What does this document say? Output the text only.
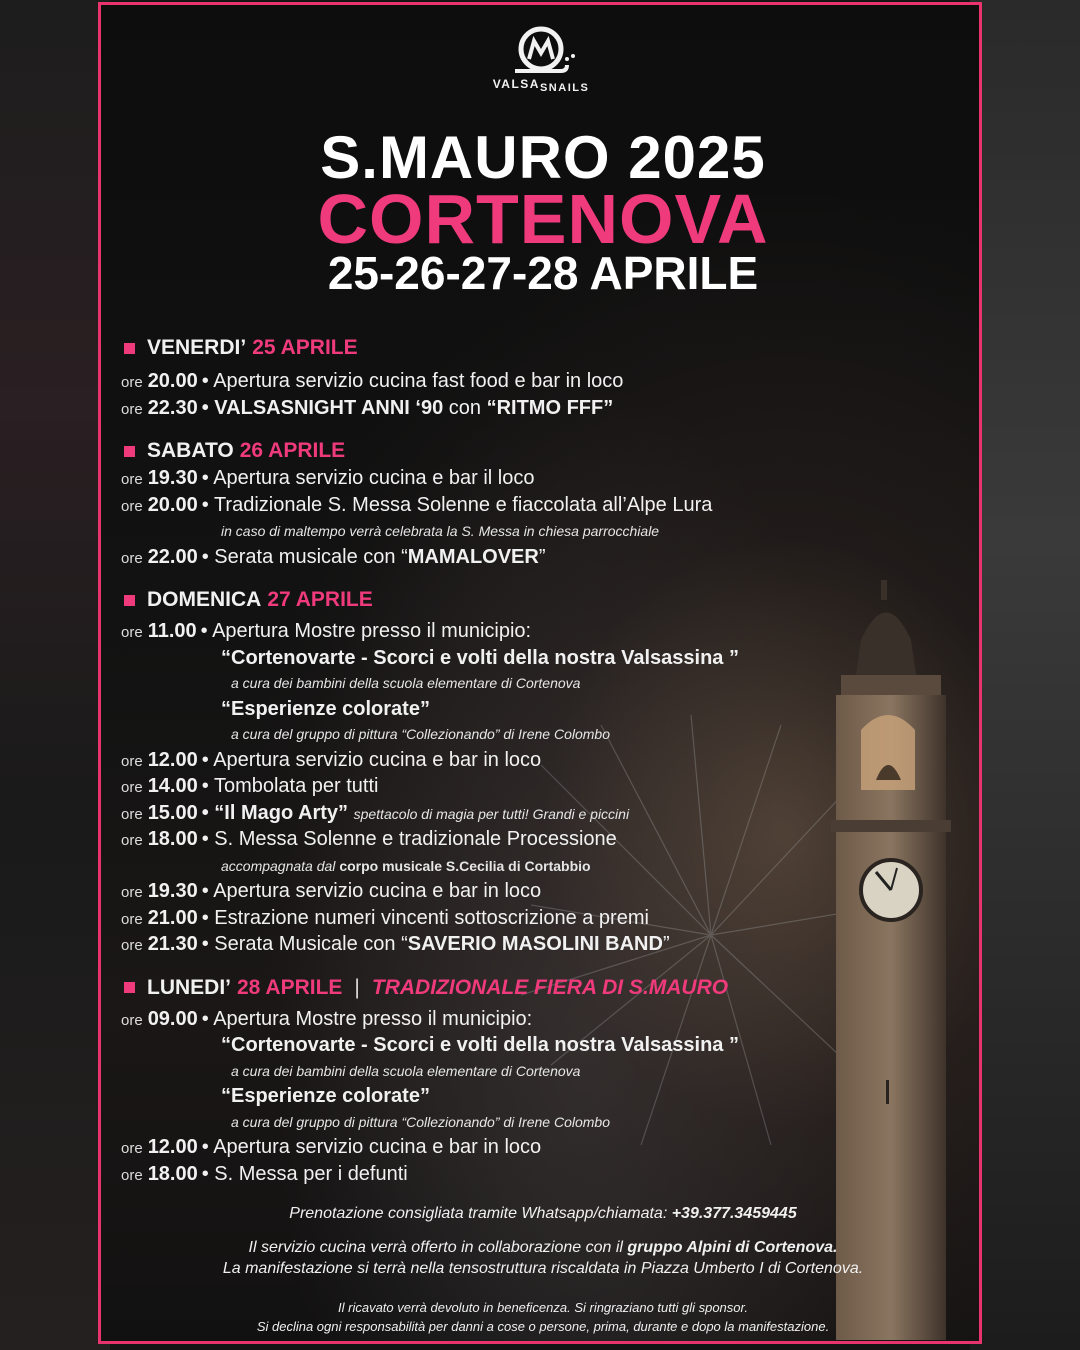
VALSASNAILS
S.MAURO 2025
CORTENOVA
25-26-27-28 APRILE
VENERDI’ 25 APRILE
ore 20.00 • Apertura servizio cucina fast food e bar in loco
ore 22.30 • VALSASNIGHT ANNI ‘90 con “RITMO FFF”
SABATO 26 APRILE
ore 19.30 • Apertura servizio cucina e bar il loco
ore 20.00 • Tradizionale S. Messa Solenne e fiaccolata all’Alpe Lura
in caso di maltempo verrà celebrata la S. Messa in chiesa parrocchiale
ore 22.00 • Serata musicale con “MAMALOVER”
DOMENICA 27 APRILE
ore 11.00 • Apertura Mostre presso il municipio:
“Cortenovarte - Scorci e volti della nostra Valsassina ”
a cura dei bambini della scuola elementare di Cortenova
“Esperienze colorate”
a cura del gruppo di pittura “Collezionando” di Irene Colombo
ore 12.00 • Apertura servizio cucina e bar in loco
ore 14.00 • Tombolata per tutti
ore 15.00 • “Il Mago Arty” spettacolo di magia per tutti! Grandi e piccini
ore 18.00 • S. Messa Solenne e tradizionale Processione
accompagnata dal corpo musicale S.Cecilia di Cortabbio
ore 19.30 • Apertura servizio cucina e bar in loco
ore 21.00 • Estrazione numeri vincenti sottoscrizione a premi
ore 21.30 • Serata Musicale con “SAVERIO MASOLINI BAND”
LUNEDI’ 28 APRILE | TRADIZIONALE FIERA DI S.MAURO
ore 09.00 • Apertura Mostre presso il municipio:
“Cortenovarte - Scorci e volti della nostra Valsassina ”
a cura dei bambini della scuola elementare di Cortenova
“Esperienze colorate”
a cura del gruppo di pittura “Collezionando” di Irene Colombo
ore 12.00 • Apertura servizio cucina e bar in loco
ore 18.00 • S. Messa per i defunti
Prenotazione consigliata tramite Whatsapp/chiamata: +39.377.3459445
Il servizio cucina verrà offerto in collaborazione con il gruppo Alpini di Cortenova.
La manifestazione si terrà nella tensostruttura riscaldata in Piazza Umberto I di Cortenova.
Il ricavato verrà devoluto in beneficenza. Si ringraziano tutti gli sponsor.
Si declina ogni responsabilità per danni a cose o persone, prima, durante e dopo la manifestazione.
